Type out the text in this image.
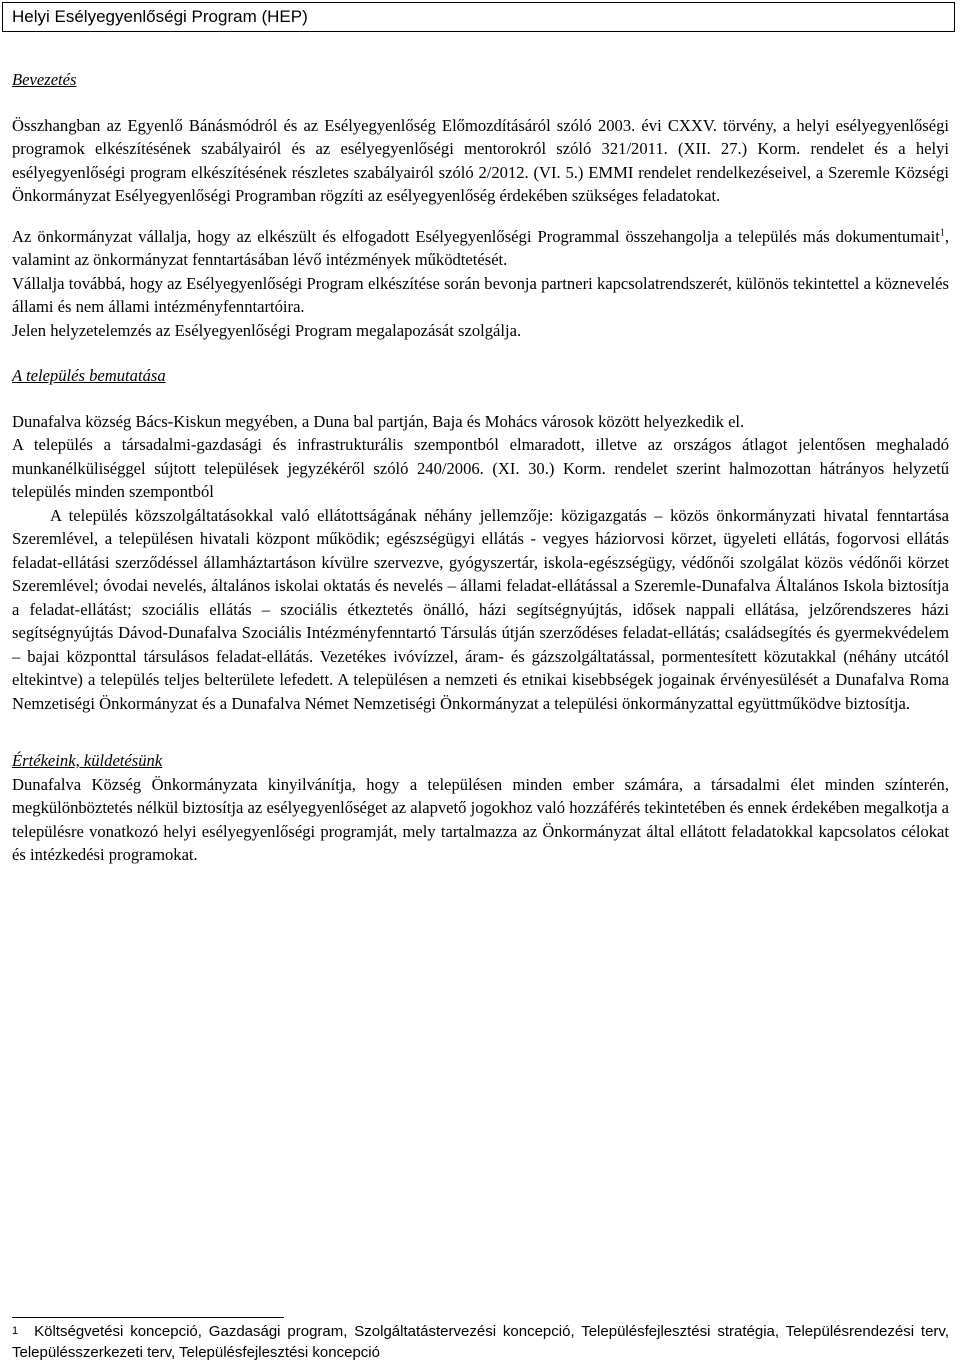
Helyi Esélyegyenlőségi Program (HEP)
Bevezetés

Összhangban az Egyenlő Bánásmódról és az Esélyegyenlőség Előmozdításáról szóló 2003. évi CXXV. törvény, a helyi esélyegyenlőségi programok elkészítésének szabályairól és az esélyegyenlőségi mentorokról szóló 321/2011. (XII. 27.) Korm. rendelet és a helyi esélyegyenlőségi program elkészítésének részletes szabályairól szóló 2/2012. (VI. 5.) EMMI rendelet rendelkezéseivel, a Szeremle Községi Önkormányzat Esélyegyenlőségi Programban rögzíti az esélyegyenlőség érdekében szükséges feladatokat.

Az önkormányzat vállalja, hogy az elkészült és elfogadott Esélyegyenlőségi Programmal összehangolja a település más dokumentumait$^1$, valamint az önkormányzat fenntartásában lévő intézmények működtetését.

Vállalja továbbá, hogy az Esélyegyenlőségi Program elkészítése során bevonja partneri kapcsolatrendszerét, különös tekintettel a köznevelés állami és nem állami intézményfenntartóira.

Jelen helyzetelemzés az Esélyegyenlőségi Program megalapozását szolgálja.

A település bemutatása

Dunafalva község Bács-Kiskun megyében, a Duna bal partján, Baja és Mohács városok között helyezkedik el.

A település a társadalmi-gazdasági és infrastrukturális szempontból elmaradott, illetve az országos átlagot jelentősen meghaladó munkanélküliséggel sújtott települések jegyzékéről szóló 240/2006. (XI. 30.) Korm. rendelet szerint halmozottan hátrányos helyzetű település minden szempontból

A település közszolgáltatásokkal való ellátottságának néhány jellemzője: közigazgatás – közös önkormányzati hivatal fenntartása Szeremlével, a településen hivatali központ működik; egészségügyi ellátás - vegyes háziorvosi körzet, ügyeleti ellátás, fogorvosi ellátás feladat-ellátási szerződéssel államháztartáson kívülre szervezve, gyógyszertár, iskola-egészségügy, védőnői szolgálat közös védőnői körzet Szeremlével; óvodai nevelés, általános iskolai oktatás és nevelés – állami feladat-ellátással a Szeremle-Dunafalva Általános Iskola biztosítja a feladat-ellátást; szociális ellátás – szociális étkeztetés önálló, házi segítségnyújtás, idősek nappali ellátása, jelzőrendszeres házi segítségnyújtás Dávod-Dunafalva Szociális Intézményfenntartó Társulás útján szerződéses feladat-ellátás; családsegítés és gyermekvédelem – bajai központtal társulásos feladat-ellátás. Vezetékes ivóvízzel, áram- és gázszolgáltatással, pormentesített közutakkal (néhány utcától eltekintve) a település teljes belterülete lefedett. A településen a nemzeti és etnikai kisebbségek jogainak érvényesülését a Dunafalva Roma Nemzetiségi Önkormányzat és a Dunafalva Német Nemzetiségi Önkormányzat a települési önkormányzattal együttműködve biztosítja.

Értékeink, küldetésünk

Dunafalva Község Önkormányzata kinyilvánítja, hogy a településen minden ember számára, a társadalmi élet minden színterén, megkülönböztetés nélkül biztosítja az esélyegyenlőséget az alapvető jogokhoz való hozzáférés tekintetében és ennek érdekében megalkotja a településre vonatkozó helyi esélyegyenlőségi programját, mely tartalmazza az Önkormányzat által ellátott feladatokkal kapcsolatos célokat és intézkedési programokat.

$^1$ Költségvetési koncepció, Gazdasági program, Szolgáltatástervezési koncepció, Településfejlesztési stratégia, Településrendezési terv, Településszerkezeti terv, Településfejlesztési koncepció
